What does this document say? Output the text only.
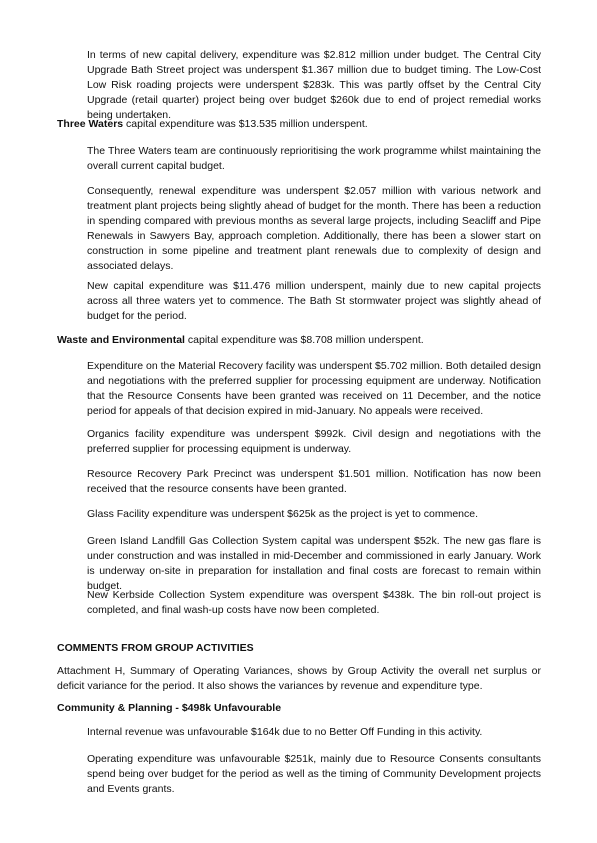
In terms of new capital delivery, expenditure was $2.812 million under budget. The Central City Upgrade Bath Street project was underspent $1.367 million due to budget timing. The Low-Cost Low Risk roading projects were underspent $283k. This was partly offset by the Central City Upgrade (retail quarter) project being over budget $260k due to end of project remedial works being undertaken.

Three Waters capital expenditure was $13.535 million underspent.

The Three Waters team are continuously reprioritising the work programme whilst maintaining the overall current capital budget.

Consequently, renewal expenditure was underspent $2.057 million with various network and treatment plant projects being slightly ahead of budget for the month. There has been a reduction in spending compared with previous months as several large projects, including Seacliff and Pipe Renewals in Sawyers Bay, approach completion. Additionally, there has been a slower start on construction in some pipeline and treatment plant renewals due to complexity of design and associated delays.

New capital expenditure was $11.476 million underspent, mainly due to new capital projects across all three waters yet to commence. The Bath St stormwater project was slightly ahead of budget for the period.

Waste and Environmental capital expenditure was $8.708 million underspent.

Expenditure on the Material Recovery facility was underspent $5.702 million. Both detailed design and negotiations with the preferred supplier for processing equipment are underway. Notification that the Resource Consents have been granted was received on 11 December, and the notice period for appeals of that decision expired in mid-January. No appeals were received.

Organics facility expenditure was underspent $992k. Civil design and negotiations with the preferred supplier for processing equipment is underway.

Resource Recovery Park Precinct was underspent $1.501 million. Notification has now been received that the resource consents have been granted.

Glass Facility expenditure was underspent $625k as the project is yet to commence.

Green Island Landfill Gas Collection System capital was underspent $52k. The new gas flare is under construction and was installed in mid-December and commissioned in early January. Work is underway on-site in preparation for installation and final costs are forecast to remain within budget.

New Kerbside Collection System expenditure was overspent $438k. The bin roll-out project is completed, and final wash-up costs have now been completed.

COMMENTS FROM GROUP ACTIVITIES

Attachment H, Summary of Operating Variances, shows by Group Activity the overall net surplus or deficit variance for the period. It also shows the variances by revenue and expenditure type.

Community & Planning - $498k Unfavourable

Internal revenue was unfavourable $164k due to no Better Off Funding in this activity.

Operating expenditure was unfavourable $251k, mainly due to Resource Consents consultants spend being over budget for the period as well as the timing of Community Development projects and Events grants.
